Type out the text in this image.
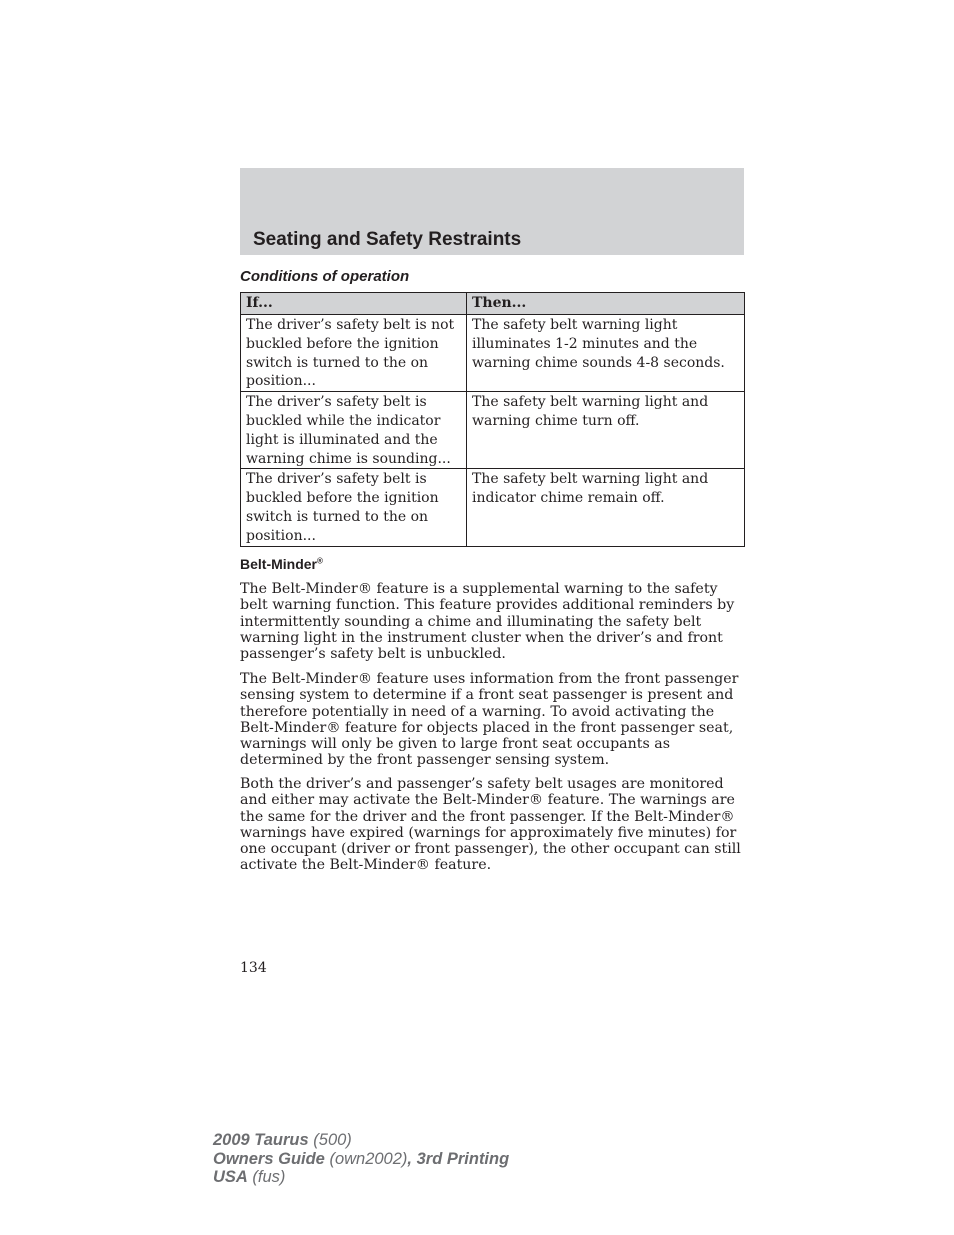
Seating and Safety Restraints
Conditions of operation
If...	Then...
The driver’s safety belt is not buckled before the ignition switch is turned to the on position...	The safety belt warning light illuminates 1-2 minutes and the warning chime sounds 4-8 seconds.
The driver’s safety belt is buckled while the indicator light is illuminated and the warning chime is sounding...	The safety belt warning light and warning chime turn off.
The driver’s safety belt is buckled before the ignition switch is turned to the on position...	The safety belt warning light and indicator chime remain off.
Belt-Minder®

The Belt-Minder® feature is a supplemental warning to the safety belt warning function. This feature provides additional reminders by intermittently sounding a chime and illuminating the safety belt warning light in the instrument cluster when the driver’s and front passenger’s safety belt is unbuckled.

The Belt-Minder® feature uses information from the front passenger sensing system to determine if a front seat passenger is present and therefore potentially in need of a warning. To avoid activating the Belt-Minder® feature for objects placed in the front passenger seat, warnings will only be given to large front seat occupants as determined by the front passenger sensing system.

Both the driver’s and passenger’s safety belt usages are monitored and either may activate the Belt-Minder® feature. The warnings are the same for the driver and the front passenger. If the Belt-Minder® warnings have expired (warnings for approximately five minutes) for one occupant (driver or front passenger), the other occupant can still activate the Belt-Minder® feature.

134

2009 Taurus (500)
Owners Guide (own2002), 3rd Printing
USA (fus)
